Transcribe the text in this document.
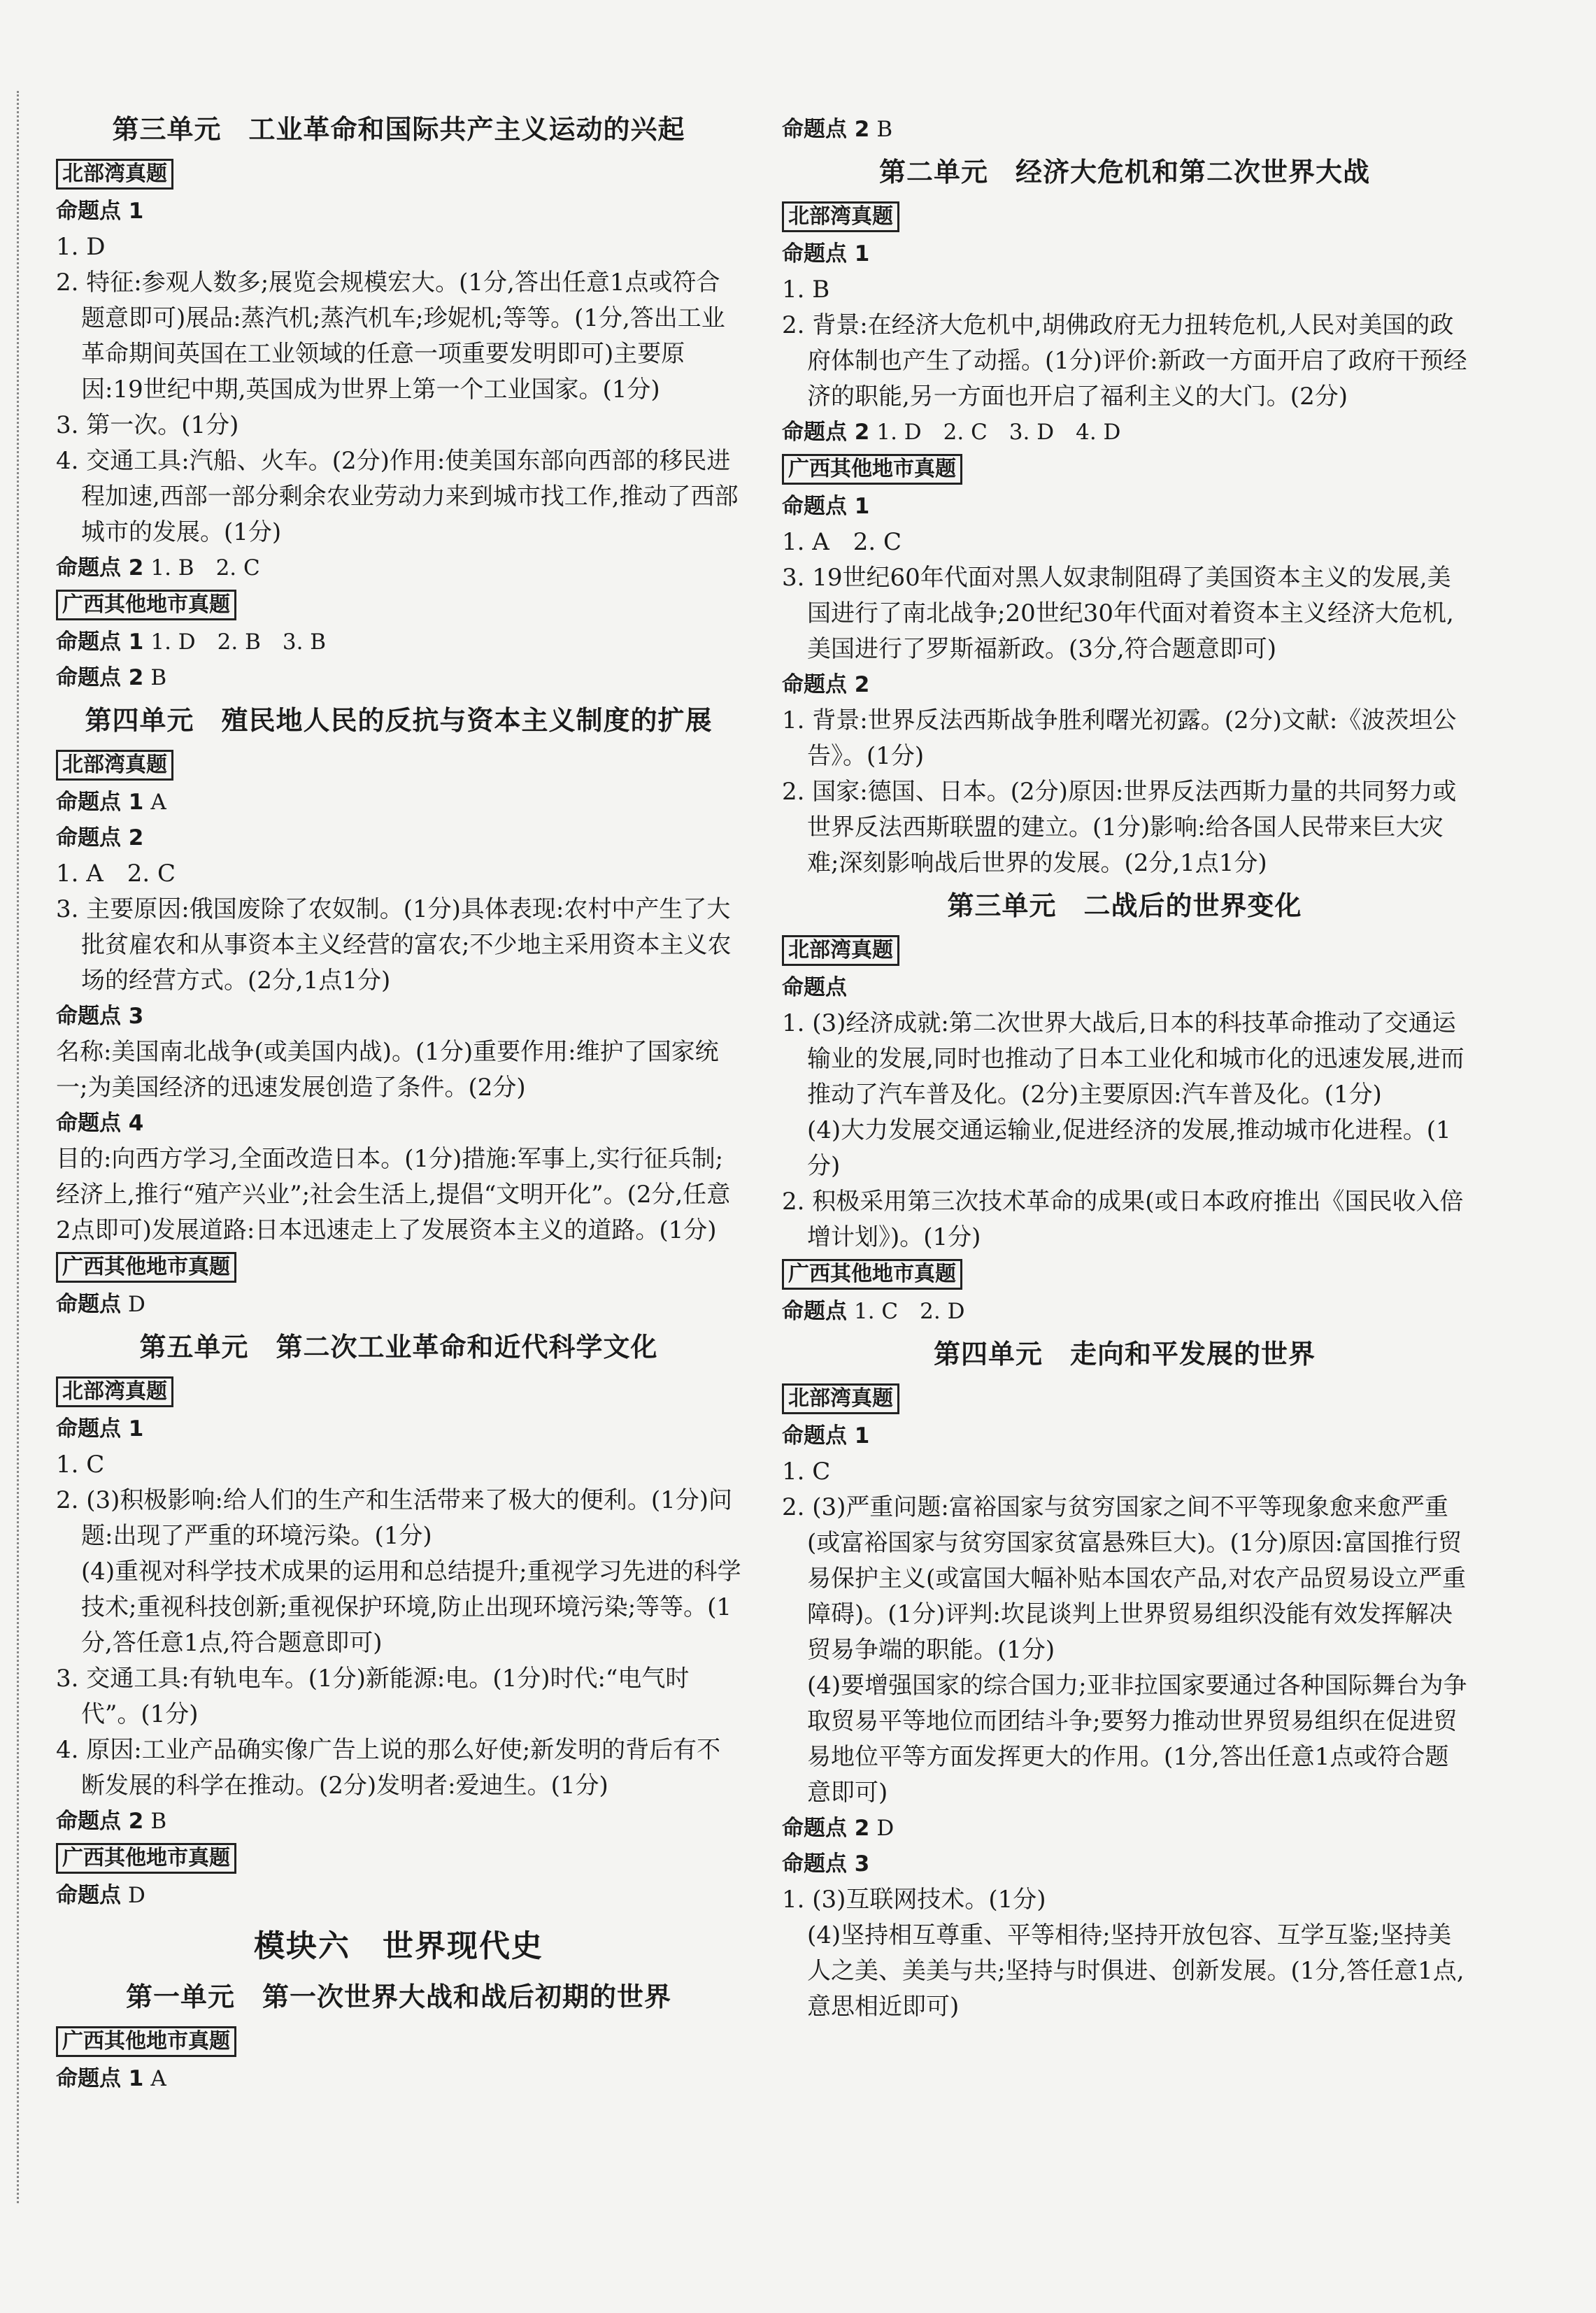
第三单元　工业革命和国际共产主义运动的兴起
北部湾真题
命题点 1
1. D
2. 特征:参观人数多;展览会规模宏大。(1分,答出任意1点或符合题意即可)展品:蒸汽机;蒸汽机车;珍妮机;等等。(1分,答出工业革命期间英国在工业领域的任意一项重要发明即可)主要原因:19世纪中期,英国成为世界上第一个工业国家。(1分)
3. 第一次。(1分)
4. 交通工具:汽船、火车。(2分)作用:使美国东部向西部的移民进程加速,西部一部分剩余农业劳动力来到城市找工作,推动了西部城市的发展。(1分)
命题点 2 1. B　2. C
广西其他地市真题
命题点 1 1. D　2. B　3. B
命题点 2 B
第四单元　殖民地人民的反抗与资本主义制度的扩展
北部湾真题
命题点 1 A
命题点 2
1. A　2. C
3. 主要原因:俄国废除了农奴制。(1分)具体表现:农村中产生了大批贫雇农和从事资本主义经营的富农;不少地主采用资本主义农场的经营方式。(2分,1点1分)
命题点 3
名称:美国南北战争(或美国内战)。(1分)重要作用:维护了国家统一;为美国经济的迅速发展创造了条件。(2分)
命题点 4
目的:向西方学习,全面改造日本。(1分)措施:军事上,实行征兵制;经济上,推行“殖产兴业”;社会生活上,提倡“文明开化”。(2分,任意2点即可)发展道路:日本迅速走上了发展资本主义的道路。(1分)
广西其他地市真题
命题点 D
第五单元　第二次工业革命和近代科学文化
北部湾真题
命题点 1
1. C
2. (3)积极影响:给人们的生产和生活带来了极大的便利。(1分)问题:出现了严重的环境污染。(1分)
(4)重视对科学技术成果的运用和总结提升;重视学习先进的科学技术;重视科技创新;重视保护环境,防止出现环境污染;等等。(1分,答任意1点,符合题意即可)
3. 交通工具:有轨电车。(1分)新能源:电。(1分)时代:“电气时代”。(1分)
4. 原因:工业产品确实像广告上说的那么好使;新发明的背后有不断发展的科学在推动。(2分)发明者:爱迪生。(1分)
命题点 2 B
广西其他地市真题
命题点 D
模块六　世界现代史
第一单元　第一次世界大战和战后初期的世界
广西其他地市真题
命题点 1 A
命题点 2 B
第二单元　经济大危机和第二次世界大战
北部湾真题
命题点 1
1. B
2. 背景:在经济大危机中,胡佛政府无力扭转危机,人民对美国的政府体制也产生了动摇。(1分)评价:新政一方面开启了政府干预经济的职能,另一方面也开启了福利主义的大门。(2分)
命题点 2 1. D　2. C　3. D　4. D
广西其他地市真题
命题点 1
1. A　2. C
3. 19世纪60年代面对黑人奴隶制阻碍了美国资本主义的发展,美国进行了南北战争;20世纪30年代面对着资本主义经济大危机,美国进行了罗斯福新政。(3分,符合题意即可)
命题点 2
1. 背景:世界反法西斯战争胜利曙光初露。(2分)文献:《波茨坦公告》。(1分)
2. 国家:德国、日本。(2分)原因:世界反法西斯力量的共同努力或世界反法西斯联盟的建立。(1分)影响:给各国人民带来巨大灾难;深刻影响战后世界的发展。(2分,1点1分)
第三单元　二战后的世界变化
北部湾真题
命题点
1. (3)经济成就:第二次世界大战后,日本的科技革命推动了交通运输业的发展,同时也推动了日本工业化和城市化的迅速发展,进而推动了汽车普及化。(2分)主要原因:汽车普及化。(1分)
(4)大力发展交通运输业,促进经济的发展,推动城市化进程。(1分)
2. 积极采用第三次技术革命的成果(或日本政府推出《国民收入倍增计划》)。(1分)
广西其他地市真题
命题点 1. C　2. D
第四单元　走向和平发展的世界
北部湾真题
命题点 1
1. C
2. (3)严重问题:富裕国家与贫穷国家之间不平等现象愈来愈严重(或富裕国家与贫穷国家贫富悬殊巨大)。(1分)原因:富国推行贸易保护主义(或富国大幅补贴本国农产品,对农产品贸易设立严重障碍)。(1分)评判:坎昆谈判上世界贸易组织没能有效发挥解决贸易争端的职能。(1分)
(4)要增强国家的综合国力;亚非拉国家要通过各种国际舞台为争取贸易平等地位而团结斗争;要努力推动世界贸易组织在促进贸易地位平等方面发挥更大的作用。(1分,答出任意1点或符合题意即可)
命题点 2 D
命题点 3
1. (3)互联网技术。(1分)
(4)坚持相互尊重、平等相待;坚持开放包容、互学互鉴;坚持美人之美、美美与共;坚持与时俱进、创新发展。(1分,答任意1点,意思相近即可)
